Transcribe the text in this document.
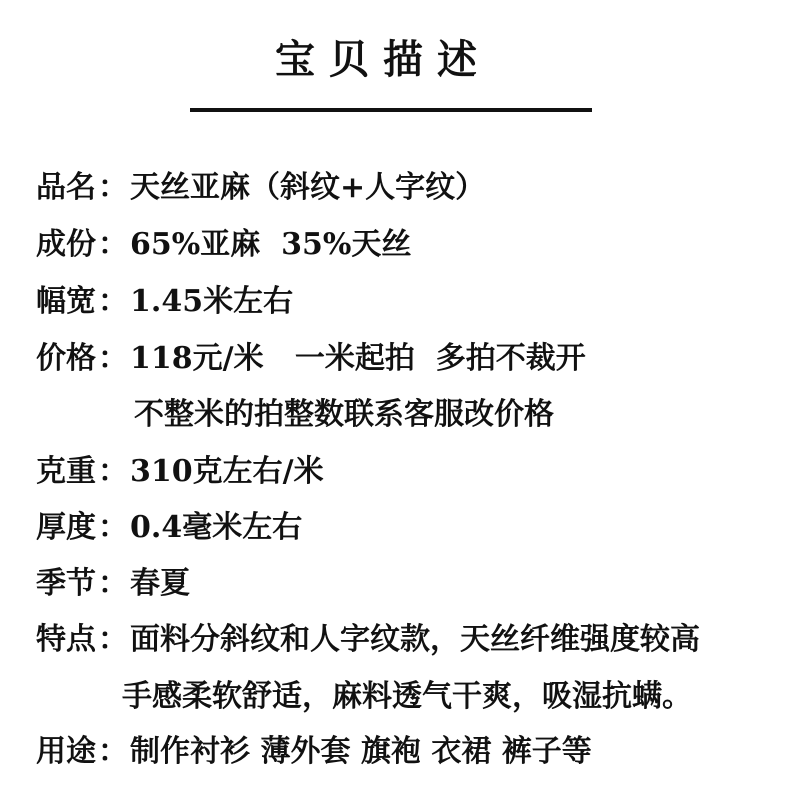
宝贝描述
品名：天丝亚麻（斜纹+人字纹）
成份：65%亚麻  35%天丝
幅宽：1.45米左右
价格：118元/米   一米起拍  多拍不裁开
不整米的拍整数联系客服改价格
克重：310克左右/米
厚度：0.4毫米左右
季节：春夏
特点：面料分斜纹和人字纹款，天丝纤维强度较高
手感柔软舒适，麻料透气干爽，吸湿抗螨。
用途：制作衬衫 薄外套 旗袍 衣裙 裤子等
